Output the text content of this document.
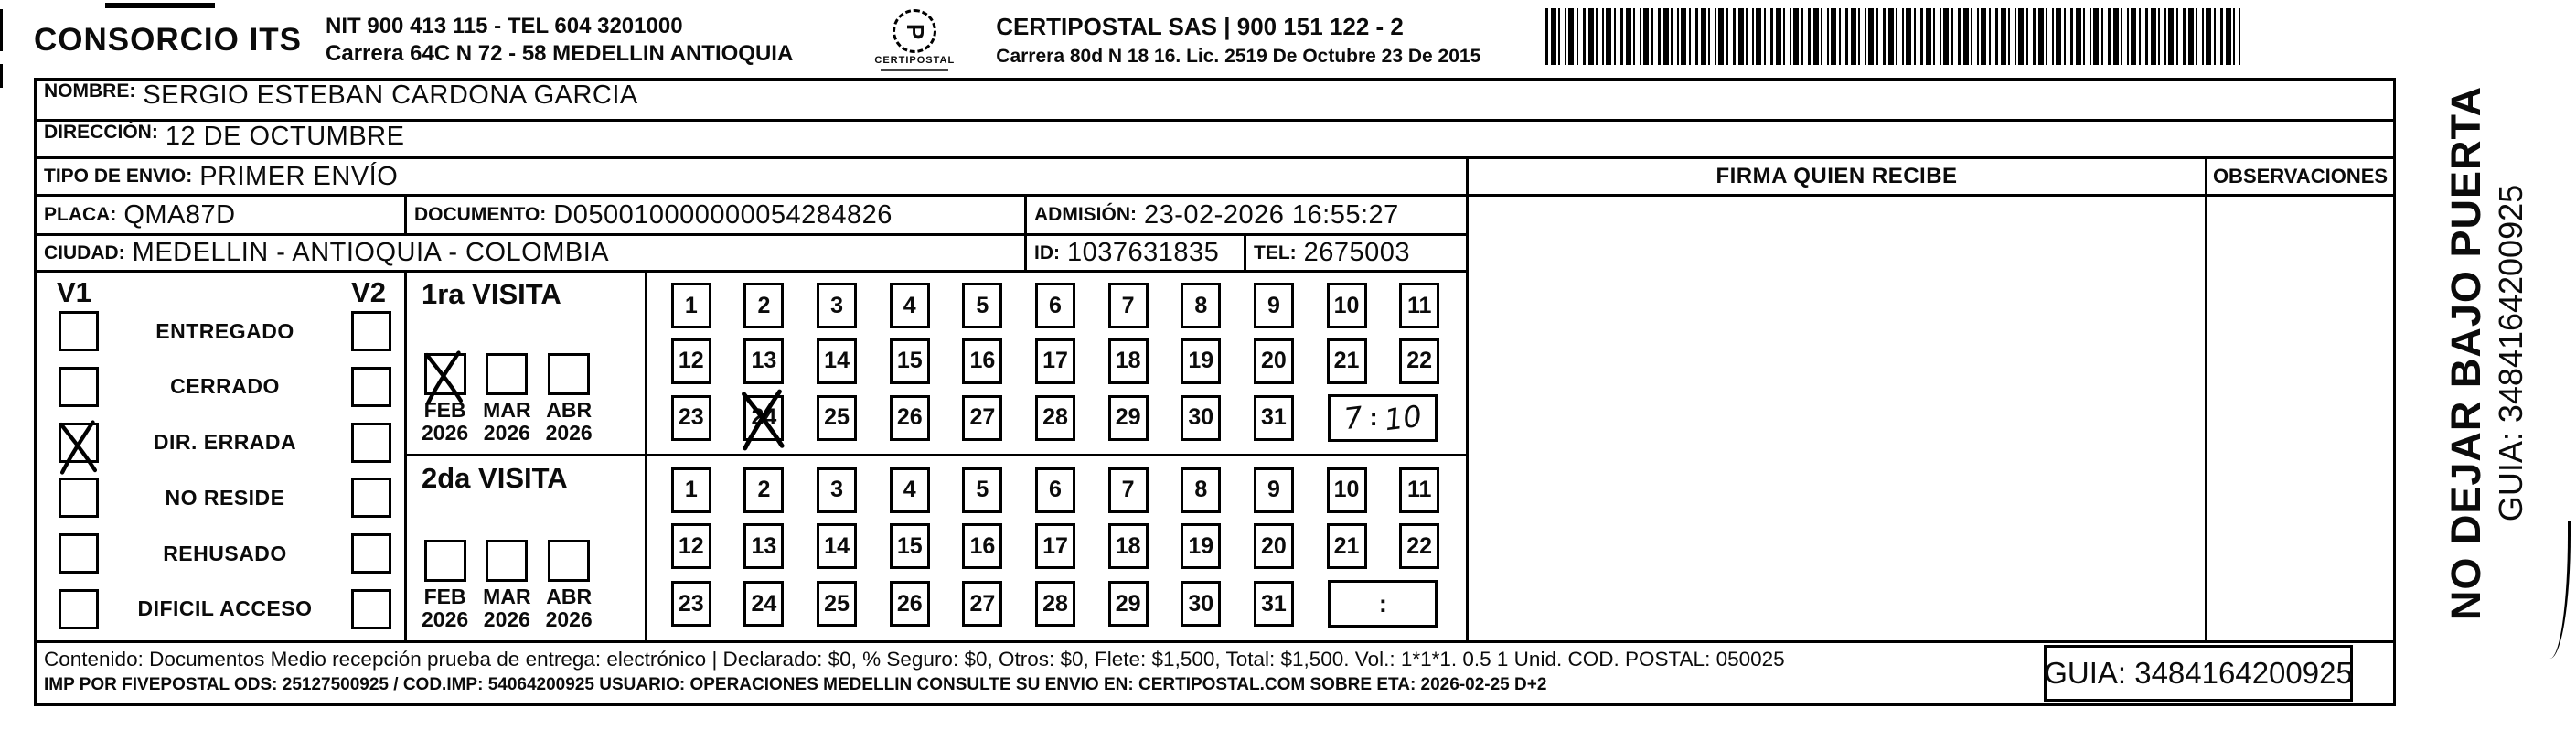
CONSORCIO ITS NIT 900 413 115 - TEL 604 3201000
Carrera 64C N 72 - 58 MEDELLIN ANTIOQUIA
P
CERTIPOSTAL
CERTIPOSTAL SAS | 900 151 122 - 2
Carrera 80d N 18 16. Lic. 2519 De Octubre 23 De 2015
NOMBRE: SERGIO ESTEBAN CARDONA GARCIA
DIRECCIÓN: 12 DE OCTUMBRE
TIPO DE ENVIO: PRIMER ENVÍO	FIRMA QUIEN RECIBE	OBSERVACIONES
PLACA: QMA87D	DOCUMENTO: D050010000000054284826	ADMISIÓN: 23-02-2026 16:55:27
CIUDAD: MEDELLIN - ANTIOQUIA - COLOMBIA	ID: 1037631835 TEL: 2675003
V1	V2
ENTREGADO
CERRADO
DIR. ERRADA
NO RESIDE
REHUSADO
DIFICIL ACCESO
1ra VISITA
FEB
2026
MAR
2026
ABR
2026
1	2	3	4	5	6	7	8	9	10	11
12	13	14	15	16	17	18	19	20	21	22
23	24	25	26	27	28	29	30	31 7 : 10
2da VISITA
FEB
2026
MAR
2026
ABR
2026
1	2	3	4	5	6	7	8	9	10	11
12	13	14	15	16	17	18	19	20	21	22
23	24	25	26	27	28	29	30	31	:
Contenido: Documentos Medio recepción prueba de entrega: electrónico | Declarado: $0, % Seguro: $0, Otros: $0, Flete: $1,500, Total: $1,500. Vol.: 1*1*1. 0.5 1 Unid. COD. POSTAL: 050025
IMP POR FIVEPOSTAL ODS: 25127500925 / COD.IMP: 54064200925 USUARIO: OPERACIONES MEDELLIN CONSULTE SU ENVIO EN: CERTIPOSTAL.COM SOBRE ETA: 2026-02-25 D+2	GUIA: 3484164200925
NO DEJAR BAJO PUERTA GUIA: 3484164200925
